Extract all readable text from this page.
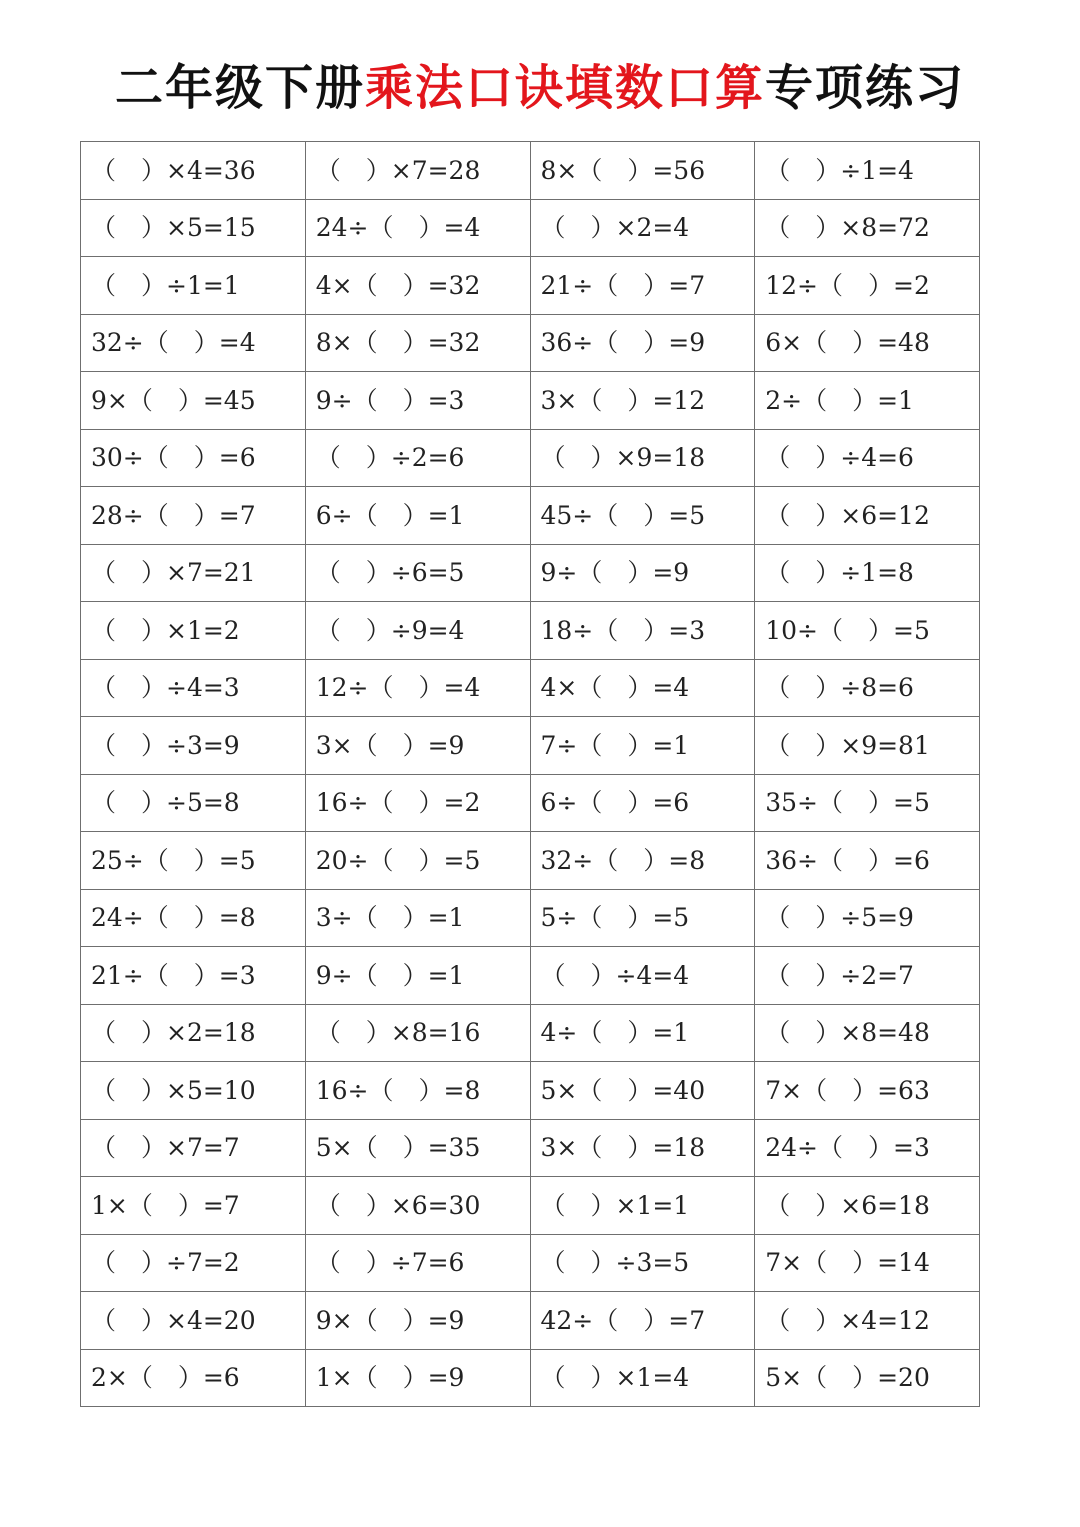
二年级下册乘法口诀填数口算专项练习
（　）×4=36	（　）×7=28	8×（　）=56	（　）÷1=4
（　）×5=15	24÷（　）=4	（　）×2=4	（　）×8=72
（　）÷1=1	4×（　）=32	21÷（　）=7	12÷（　）=2
32÷（　）=4	8×（　）=32	36÷（　）=9	6×（　）=48
9×（　）=45	9÷（　）=3	3×（　）=12	2÷（　）=1
30÷（　）=6	（　）÷2=6	（　）×9=18	（　）÷4=6
28÷（　）=7	6÷（　）=1	45÷（　）=5	（　）×6=12
（　）×7=21	（　）÷6=5	9÷（　）=9	（　）÷1=8
（　）×1=2	（　）÷9=4	18÷（　）=3	10÷（　）=5
（　）÷4=3	12÷（　）=4	4×（　）=4	（　）÷8=6
（　）÷3=9	3×（　）=9	7÷（　）=1	（　）×9=81
（　）÷5=8	16÷（　）=2	6÷（　）=6	35÷（　）=5
25÷（　）=5	20÷（　）=5	32÷（　）=8	36÷（　）=6
24÷（　）=8	3÷（　）=1	5÷（　）=5	（　）÷5=9
21÷（　）=3	9÷（　）=1	（　）÷4=4	（　）÷2=7
（　）×2=18	（　）×8=16	4÷（　）=1	（　）×8=48
（　）×5=10	16÷（　）=8	5×（　）=40	7×（　）=63
（　）×7=7	5×（　）=35	3×（　）=18	24÷（　）=3
1×（　）=7	（　）×6=30	（　）×1=1	（　）×6=18
（　）÷7=2	（　）÷7=6	（　）÷3=5	7×（　）=14
（　）×4=20	9×（　）=9	42÷（　）=7	（　）×4=12
2×（　）=6	1×（　）=9	（　）×1=4	5×（　）=20
